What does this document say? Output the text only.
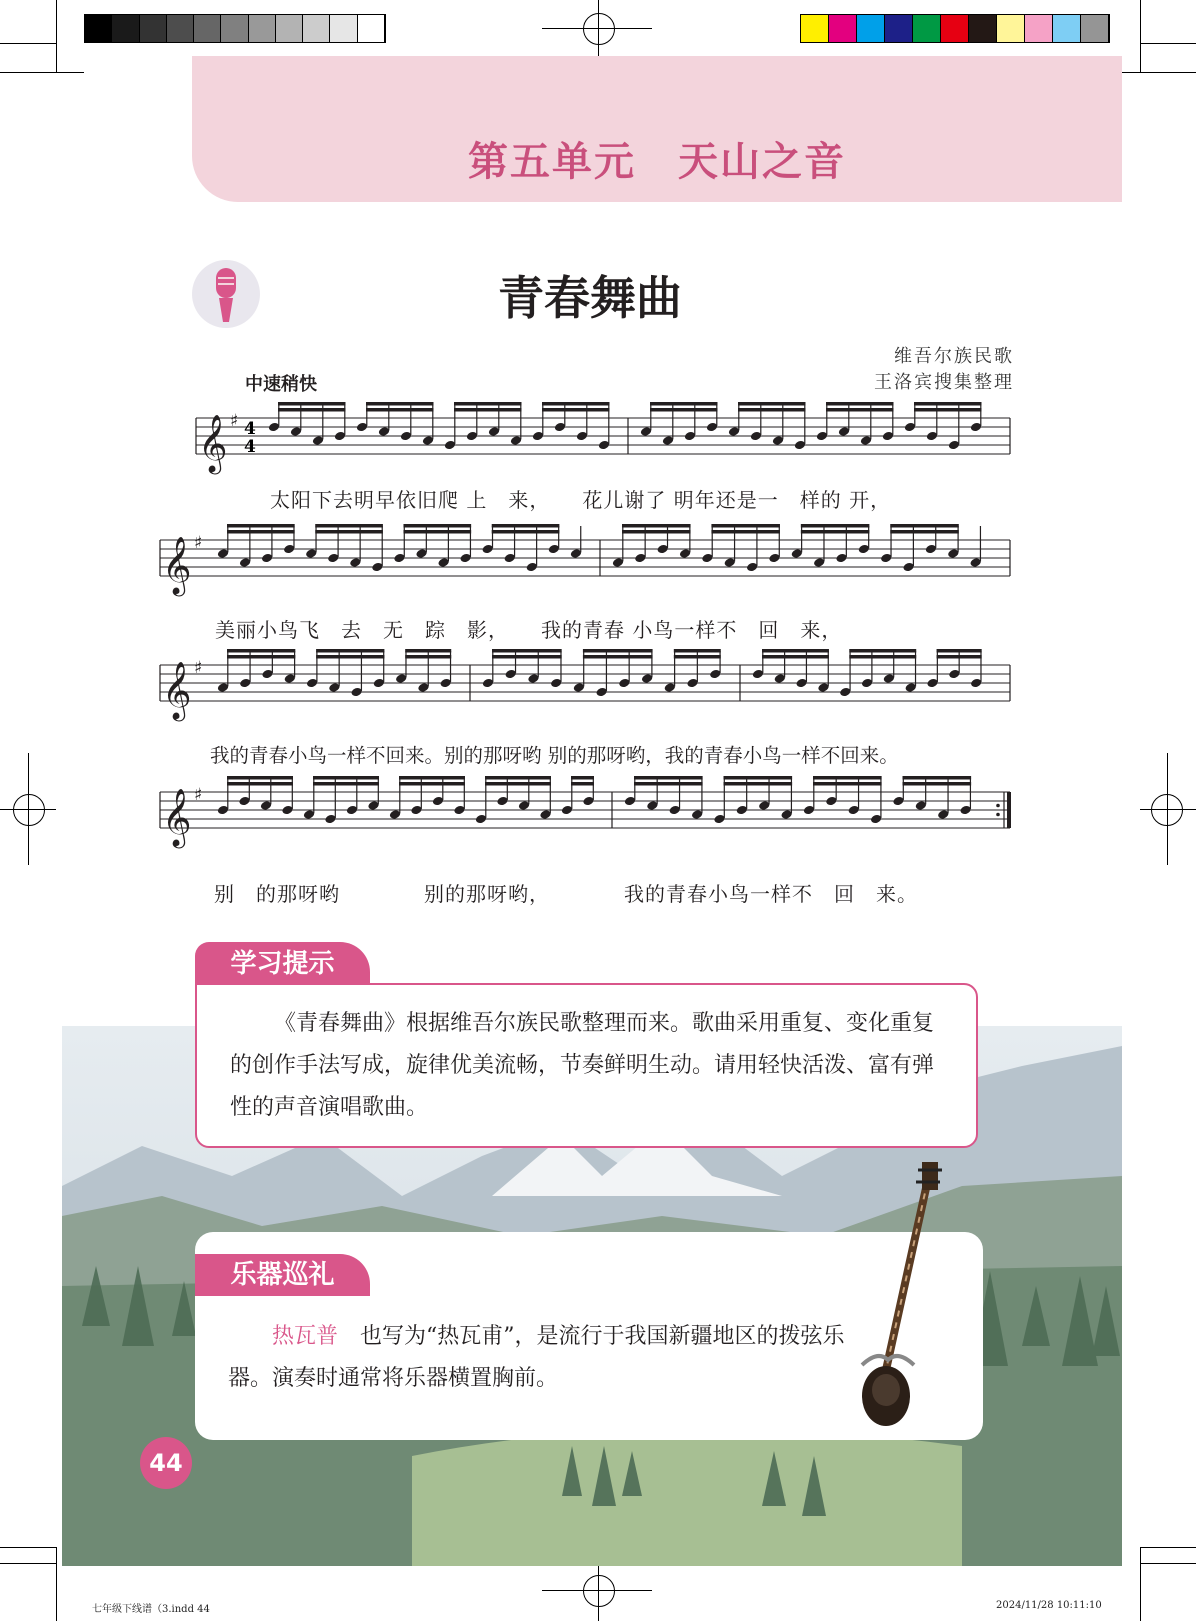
第五单元　天山之音
青春舞曲
维吾尔族民歌
王洛宾搜集整理
中速稍快
𝄞 ♯ 4
4
𝄞 ♯
𝄞 ♯
𝄞 ♯
太阳下去明早依旧爬 上　来，　　花儿谢了 明年还是一　样的 开，
美丽小鸟飞　去　无　踪　影，　　我的青春 小鸟一样不　回　来，
我的青春小鸟一样不回来。别的那呀哟 别的那呀哟，我的青春小鸟一样不回来。
别　的那呀哟　　　　别的那呀哟，　　　　我的青春小鸟一样不　回　来。
学习提示
《青春舞曲》根据维吾尔族民歌整理而来。歌曲采用重复、变化重复的创作手法写成，旋律优美流畅，节奏鲜明生动。请用轻快活泼、富有弹性的声音演唱歌曲。
乐器巡礼
热瓦普　也写为“热瓦甫”，是流行于我国新疆地区的拨弦乐器。演奏时通常将乐器横置胸前。
44
七年级下线谱（3.indd 44	2024/11/28 10:11:10
